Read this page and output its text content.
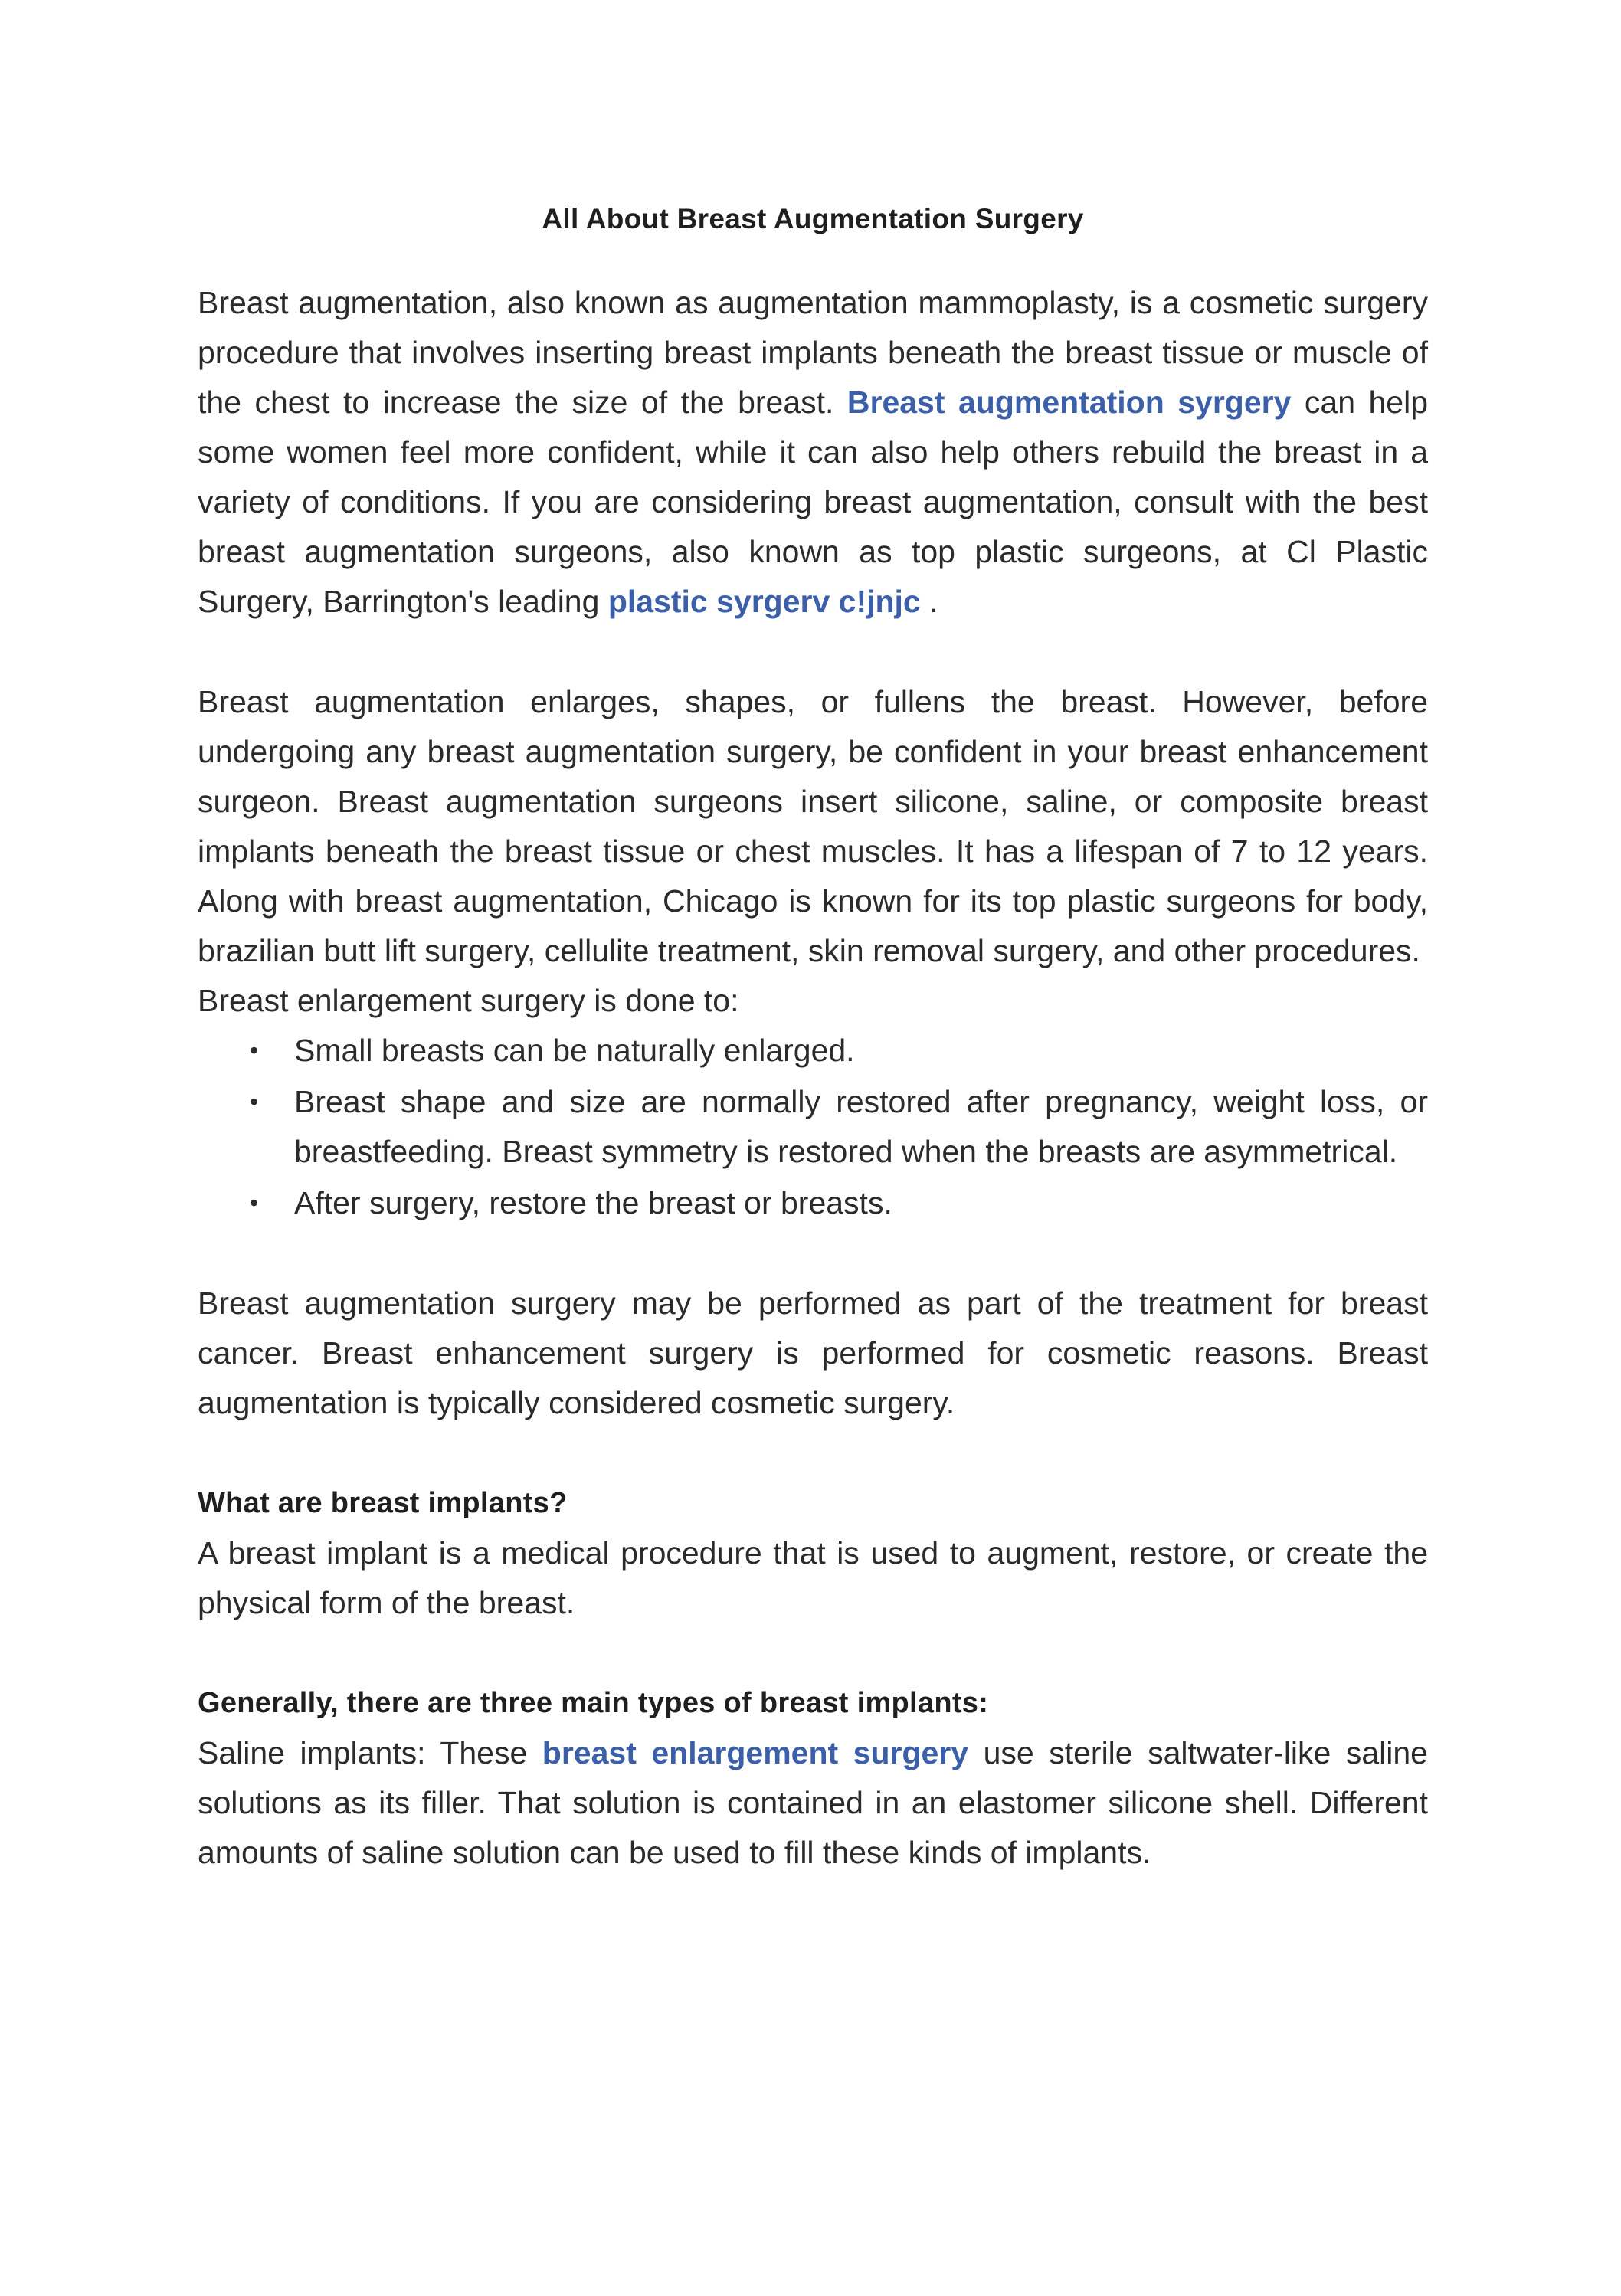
All About Breast Augmentation Surgery

Breast augmentation, also known as augmentation mammoplasty, is a cosmetic surgery procedure that involves inserting breast implants beneath the breast tissue or muscle of the chest to increase the size of the breast. Breast augmentation syrgery can help some women feel more confident, while it can also help others rebuild the breast in a variety of conditions. If you are considering breast augmentation, consult with the best breast augmentation surgeons, also known as top plastic surgeons, at Cl Plastic Surgery, Barrington's leading plastic syrgerv c!jnjc .

Breast augmentation enlarges, shapes, or fullens the breast. However, before undergoing any breast augmentation surgery, be confident in your breast enhancement surgeon. Breast augmentation surgeons insert silicone, saline, or composite breast implants beneath the breast tissue or chest muscles. It has a lifespan of 7 to 12 years. Along with breast augmentation, Chicago is known for its top plastic surgeons for body, brazilian butt lift surgery, cellulite treatment, skin removal surgery, and other procedures.

Breast enlargement surgery is done to:

• Small breasts can be naturally enlarged.
• Breast shape and size are normally restored after pregnancy, weight loss, or breastfeeding. Breast symmetry is restored when the breasts are asymmetrical.
• After surgery, restore the breast or breasts.

Breast augmentation surgery may be performed as part of the treatment for breast cancer. Breast enhancement surgery is performed for cosmetic reasons. Breast augmentation is typically considered cosmetic surgery.

What are breast implants?

A breast implant is a medical procedure that is used to augment, restore, or create the physical form of the breast.

Generally, there are three main types of breast implants:

Saline implants: These breast enlargement surgery use sterile saltwater-like saline solutions as its filler. That solution is contained in an elastomer silicone shell. Different amounts of saline solution can be used to fill these kinds of implants.
